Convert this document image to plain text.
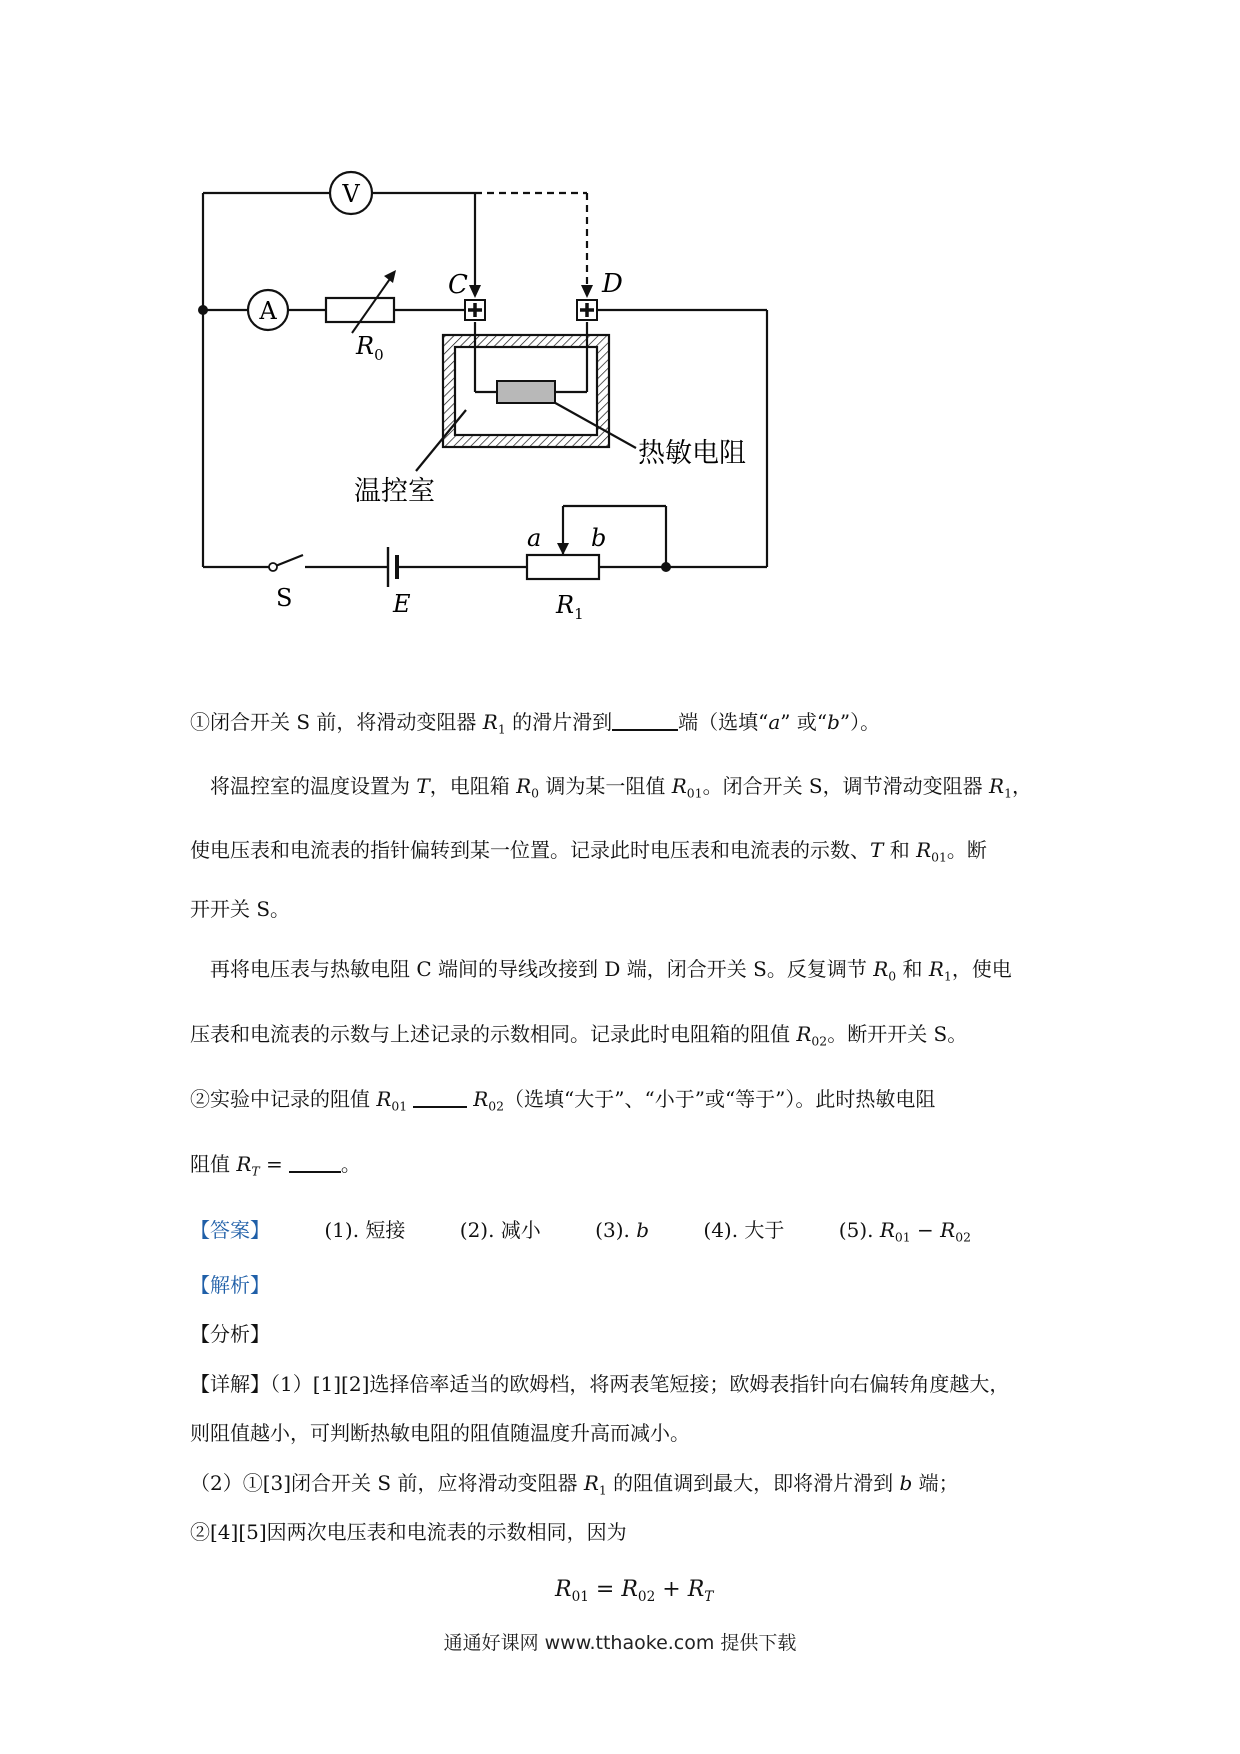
V
A
C	D
$R_0$
热敏电阻
温控室
a b
S	E	$R_1$
①闭合开关 S 前，将滑动变阻器 $R_1$ 的滑片滑到	端（选填“a” 或“b”）。
将温控室的温度设置为 T，电阻箱 $R_0$ 调为某一阻值 $R_{01}$。闭合开关 S，调节滑动变阻器 $R_1$，
使电压表和电流表的指针偏转到某一位置。记录此时电压表和电流表的示数、T 和 $R_{01}$。断
开开关 S。
再将电压表与热敏电阻 C 端间的导线改接到 D 端，闭合开关 S。反复调节 $R_0$ 和 $R_1$，使电
压表和电流表的示数与上述记录的示数相同。记录此时电阻箱的阻值 $R_{02}$。断开开关 S。
②实验中记录的阻值 $R_{01}$	$R_{02}$（选填“大于”、“小于”或“等于”）。此时热敏电阻
阻值 $R_T$ =	。
【答案】	(1). 短接	(2). 减小	(3). b	(4). 大于	(5). $R_{01} - R_{02}$
【解析】
【分析】
【详解】（1）[1][2]选择倍率适当的欧姆档，将两表笔短接；欧姆表指针向右偏转角度越大，
则阻值越小，可判断热敏电阻的阻值随温度升高而减小。
（2）①[3]闭合开关 S 前，应将滑动变阻器 $R_1$ 的阻值调到最大，即将滑片滑到 b 端；
②[4][5]因两次电压表和电流表的示数相同，因为
$R_{01} = R_{02} + R_T$
通通好课网 www.tthaoke.com 提供下载
